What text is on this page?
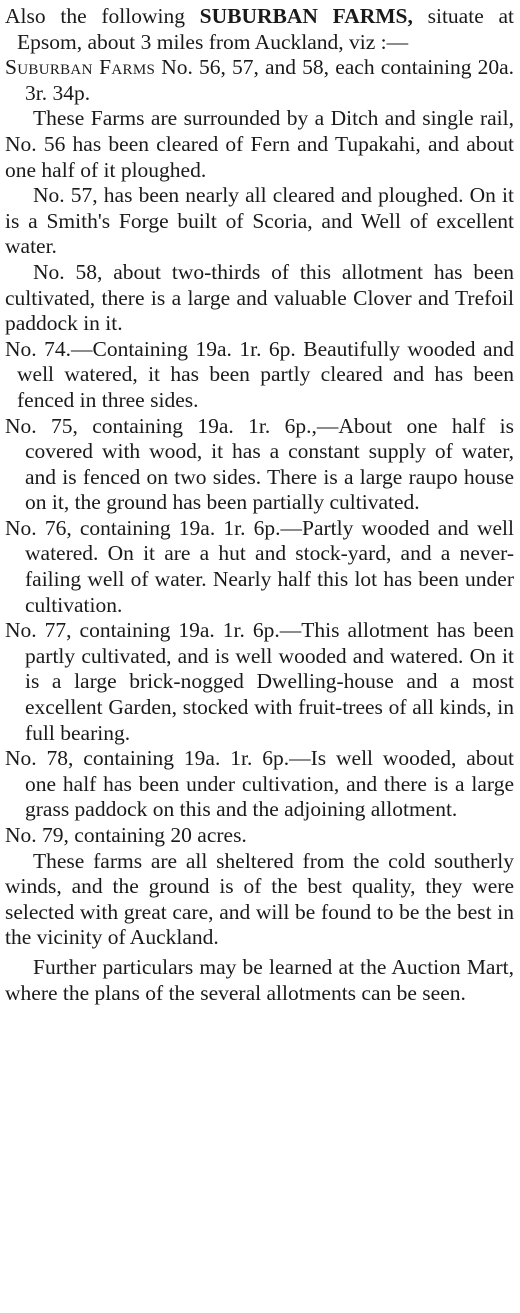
Also the following SUBURBAN FARMS, situate at Epsom, about 3 miles from Auckland, viz :—

Suburban Farms No. 56, 57, and 58, each containing 20a. 3r. 34p.

These Farms are surrounded by a Ditch and single rail, No. 56 has been cleared of Fern and Tupakahi, and about one half of it ploughed.

No. 57, has been nearly all cleared and ploughed. On it is a Smith's Forge built of Scoria, and Well of excellent water.

No. 58, about two-thirds of this allotment has been cultivated, there is a large and valuable Clover and Trefoil paddock in it.

No. 74.—Containing 19a. 1r. 6p. Beautifully wooded and well watered, it has been partly cleared and has been fenced in three sides.

No. 75, containing 19a. 1r. 6p.,—About one half is covered with wood, it has a constant supply of water, and is fenced on two sides. There is a large raupo house on it, the ground has been partially cultivated.

No. 76, containing 19a. 1r. 6p.—Partly wooded and well watered. On it are a hut and stock-yard, and a never-failing well of water. Nearly half this lot has been under cultivation.

No. 77, containing 19a. 1r. 6p.—This allotment has been partly cultivated, and is well wooded and watered. On it is a large brick-nogged Dwelling-house and a most excellent Garden, stocked with fruit-trees of all kinds, in full bearing.

No. 78, containing 19a. 1r. 6p.—Is well wooded, about one half has been under cultivation, and there is a large grass paddock on this and the adjoining allotment.

No. 79, containing 20 acres.

These farms are all sheltered from the cold southerly winds, and the ground is of the best quality, they were selected with great care, and will be found to be the best in the vicinity of Auckland.

Further particulars may be learned at the Auction Mart, where the plans of the several allotments can be seen.
